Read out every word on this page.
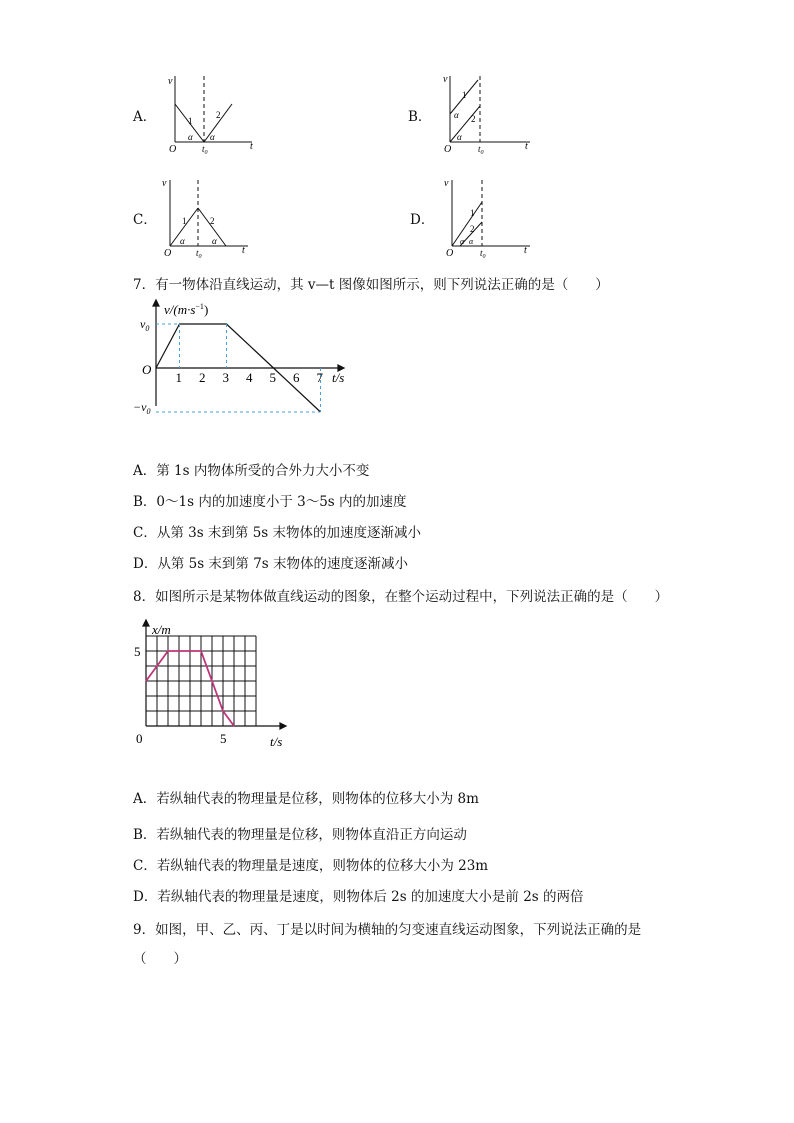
A．
v
t
O	$t_0$
1
2
α α
B．
v
t
O	$t_0$
1
2
α
α
C．
v
t
O	$t_0$
1	2
α	α
D．
v
t
O	$t_0$
1
2
α α
7．有一物体沿直线运动，其 v—t 图像如图所示，则下列说法正确的是（　　）
$v/(m\cdot s^{-1})$
$v_0$
$-v_0$
O
t/s
1 2 3 4 5 6 7
A．第 1s 内物体所受的合外力大小不变
B．0～1s 内的加速度小于 3～5s 内的加速度
C．从第 3s 末到第 5s 末物体的加速度逐渐减小
D．从第 5s 末到第 7s 末物体的速度逐渐减小
8．如图所示是某物体做直线运动的图象，在整个运动过程中，下列说法正确的是（　　）
x/m
t/s
5
5
0
A．若纵轴代表的物理量是位移，则物体的位移大小为 8m
B．若纵轴代表的物理量是位移，则物体直沿正方向运动
C．若纵轴代表的物理量是速度，则物体的位移大小为 23m
D．若纵轴代表的物理量是速度，则物体后 2s 的加速度大小是前 2s 的两倍
9．如图，甲、乙、丙、丁是以时间为横轴的匀变速直线运动图象，下列说法正确的是
（　　）
